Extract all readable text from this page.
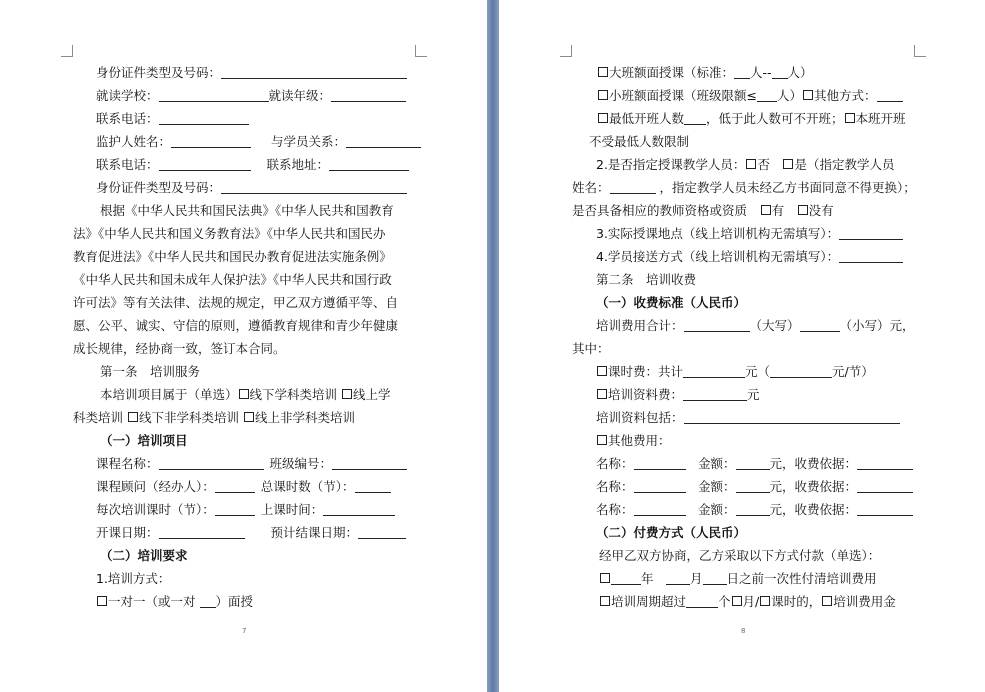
身份证件类型及号码：
就读学校：	就读年级：
联系电话：
监护人姓名：	与学员关系：
联系电话：	联系地址：
身份证件类型及号码：
根据《中华人民共和国民法典》《中华人民共和国教育
法》《中华人民共和国义务教育法》《中华人民共和国民办
教育促进法》《中华人民共和国民办教育促进法实施条例》
《中华人民共和国未成年人保护法》《中华人民共和国行政
许可法》等有关法律、法规的规定，甲乙双方遵循平等、自
愿、公平、诚实、守信的原则，遵循教育规律和青少年健康
成长规律，经协商一致，签订本合同。
第一条　培训服务
本培训项目属于（单选） 线下学科类培训 线上学
科类培训 线下非学科类培训 线上非学科类培训
（一）培训项目
课程名称：	班级编号：
课程顾问（经办人）：	总课时数（节）：
每次培训课时（节）：	上课时间：
开课日期：	预计结课日期：
（二）培训要求
1.培训方式：
一对一（或一对 ）面授
7
大班额面授课（标准： 人-- 人）
小班额面授课（班级限额≤ 人） 其他方式：
最低开班人数 ，低于此人数可不开班； 本班开班
不受最低人数限制
2.是否指定授课教学人员： 否　 是（指定教学人员
姓名：	，指定教学人员未经乙方书面同意不得更换）；
是否具备相应的教师资格或资质　 有　 没有
3.实际授课地点（线上培训机构无需填写）：
4.学员接送方式（线上培训机构无需填写）：
第二条　培训收费
（一）收费标准（人民币）
培训费用合计：	（大写）	（小写）元，
其中：
课时费：共计	元（	元/节）
培训资料费：	元
培训资料包括：
其他费用：
名称：　	金额：	元，收费依据：
名称：　	金额：	元，收费依据：
名称：　	金额：	元，收费依据：
（二）付费方式（人民币）
经甲乙双方协商，乙方采取以下方式付款（单选）：
年　	月 日之前一次性付清培训费用
培训周期超过	个 月/ 课时的， 培训费用金
8
